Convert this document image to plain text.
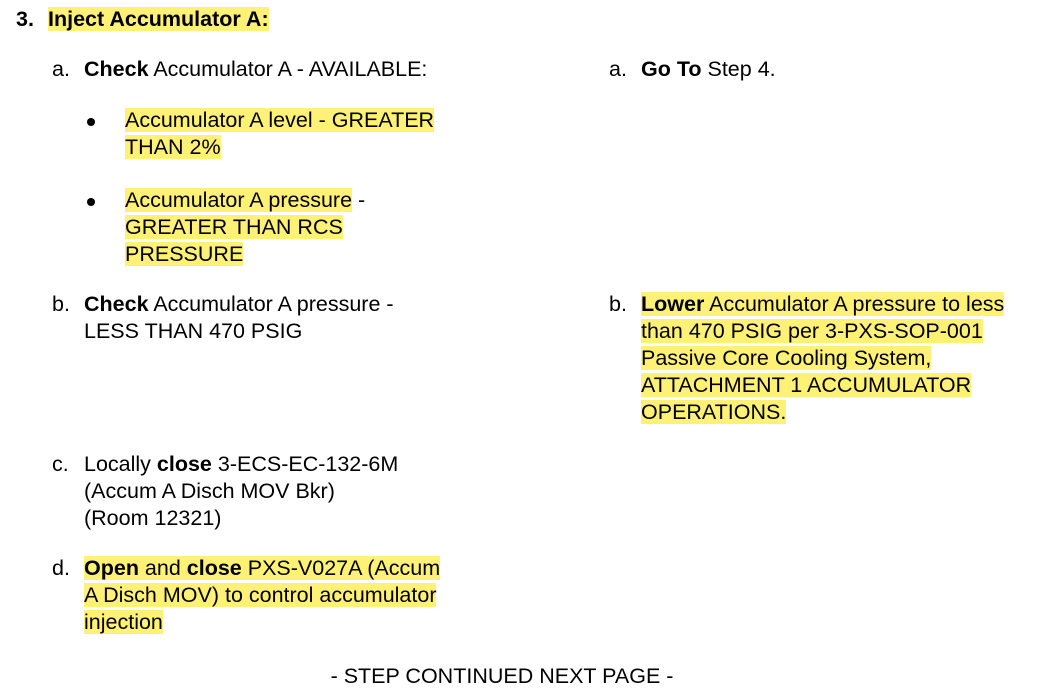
3. Inject Accumulator A:
a. Check Accumulator A - AVAILABLE:
Accumulator A level - GREATER
THAN 2%
Accumulator A pressure -
GREATER THAN RCS
PRESSURE
b. Check Accumulator A pressure -
LESS THAN 470 PSIG
c. Locally close 3-ECS-EC-132-6M
(Accum A Disch MOV Bkr)
(Room 12321)
d. Open and close PXS-V027A (Accum
A Disch MOV) to control accumulator
injection
a. Go To Step 4.
b. Lower Accumulator A pressure to less
than 470 PSIG per 3-PXS-SOP-001
Passive Core Cooling System,
ATTACHMENT 1 ACCUMULATOR
OPERATIONS.
- STEP CONTINUED NEXT PAGE -
